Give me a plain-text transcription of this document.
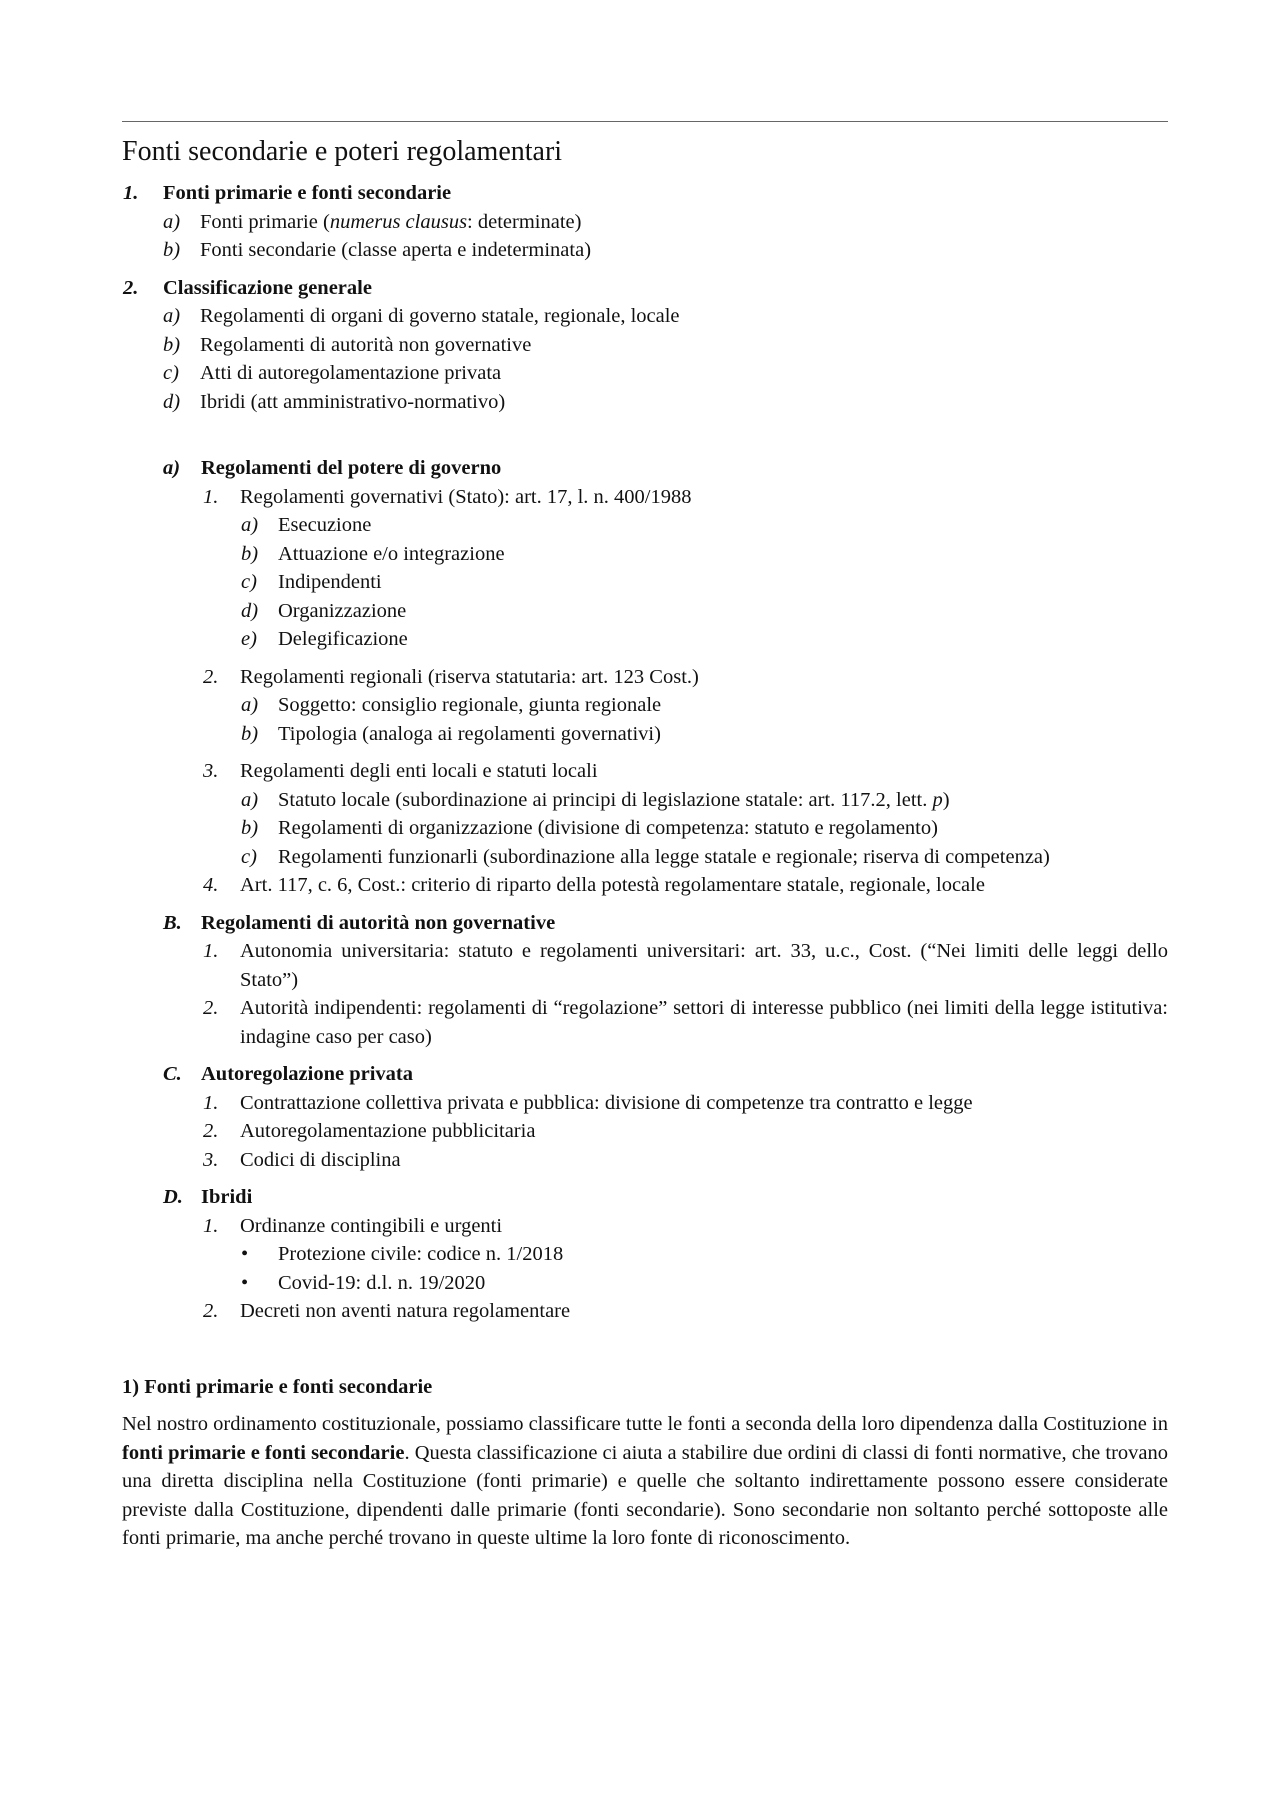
Fonti secondarie e poteri regolamentari
1. Fonti primarie e fonti secondarie
a) Fonti primarie (numerus clausus: determinate)
b) Fonti secondarie (classe aperta e indeterminata)
2. Classificazione generale
a) Regolamenti di organi di governo statale, regionale, locale
b) Regolamenti di autorità non governative
c) Atti di autoregolamentazione privata
d) Ibridi (att amministrativo-normativo)
a) Regolamenti del potere di governo
1. Regolamenti governativi (Stato): art. 17, l. n. 400/1988
a) Esecuzione
b) Attuazione e/o integrazione
c) Indipendenti
d) Organizzazione
e) Delegificazione
2. Regolamenti regionali (riserva statutaria: art. 123 Cost.)
a) Soggetto: consiglio regionale, giunta regionale
b) Tipologia (analoga ai regolamenti governativi)
3. Regolamenti degli enti locali e statuti locali
a) Statuto locale (subordinazione ai principi di legislazione statale: art. 117.2, lett. p)
b) Regolamenti di organizzazione (divisione di competenza: statuto e regolamento)
c) Regolamenti funzionarli (subordinazione alla legge statale e regionale; riserva di competenza)
4. Art. 117, c. 6, Cost.: criterio di riparto della potestà regolamentare statale, regionale, locale
B. Regolamenti di autorità non governative
1. Autonomia universitaria: statuto e regolamenti universitari: art. 33, u.c., Cost. (“Nei limiti delle leggi dello Stato”)
2. Autorità indipendenti: regolamenti di “regolazione” settori di interesse pubblico (nei limiti della legge istitutiva: indagine caso per caso)
C. Autoregolazione privata
1. Contrattazione collettiva privata e pubblica: divisione di competenze tra contratto e legge
2. Autoregolamentazione pubblicitaria
3. Codici di disciplina
D. Ibridi
1. Ordinanze contingibili e urgenti
• Protezione civile: codice n. 1/2018
• Covid-19: d.l. n. 19/2020
2. Decreti non aventi natura regolamentare
1) Fonti primarie e fonti secondarie

Nel nostro ordinamento costituzionale, possiamo classificare tutte le fonti a seconda della loro dipendenza dalla Costituzione in fonti primarie e fonti secondarie. Questa classificazione ci aiuta a stabilire due ordini di classi di fonti normative, che trovano una diretta disciplina nella Costituzione (fonti primarie) e quelle che soltanto indirettamente possono essere considerate previste dalla Costituzione, dipendenti dalle primarie (fonti secondarie). Sono secondarie non soltanto perché sottoposte alle fonti primarie, ma anche perché trovano in queste ultime la loro fonte di riconoscimento.
